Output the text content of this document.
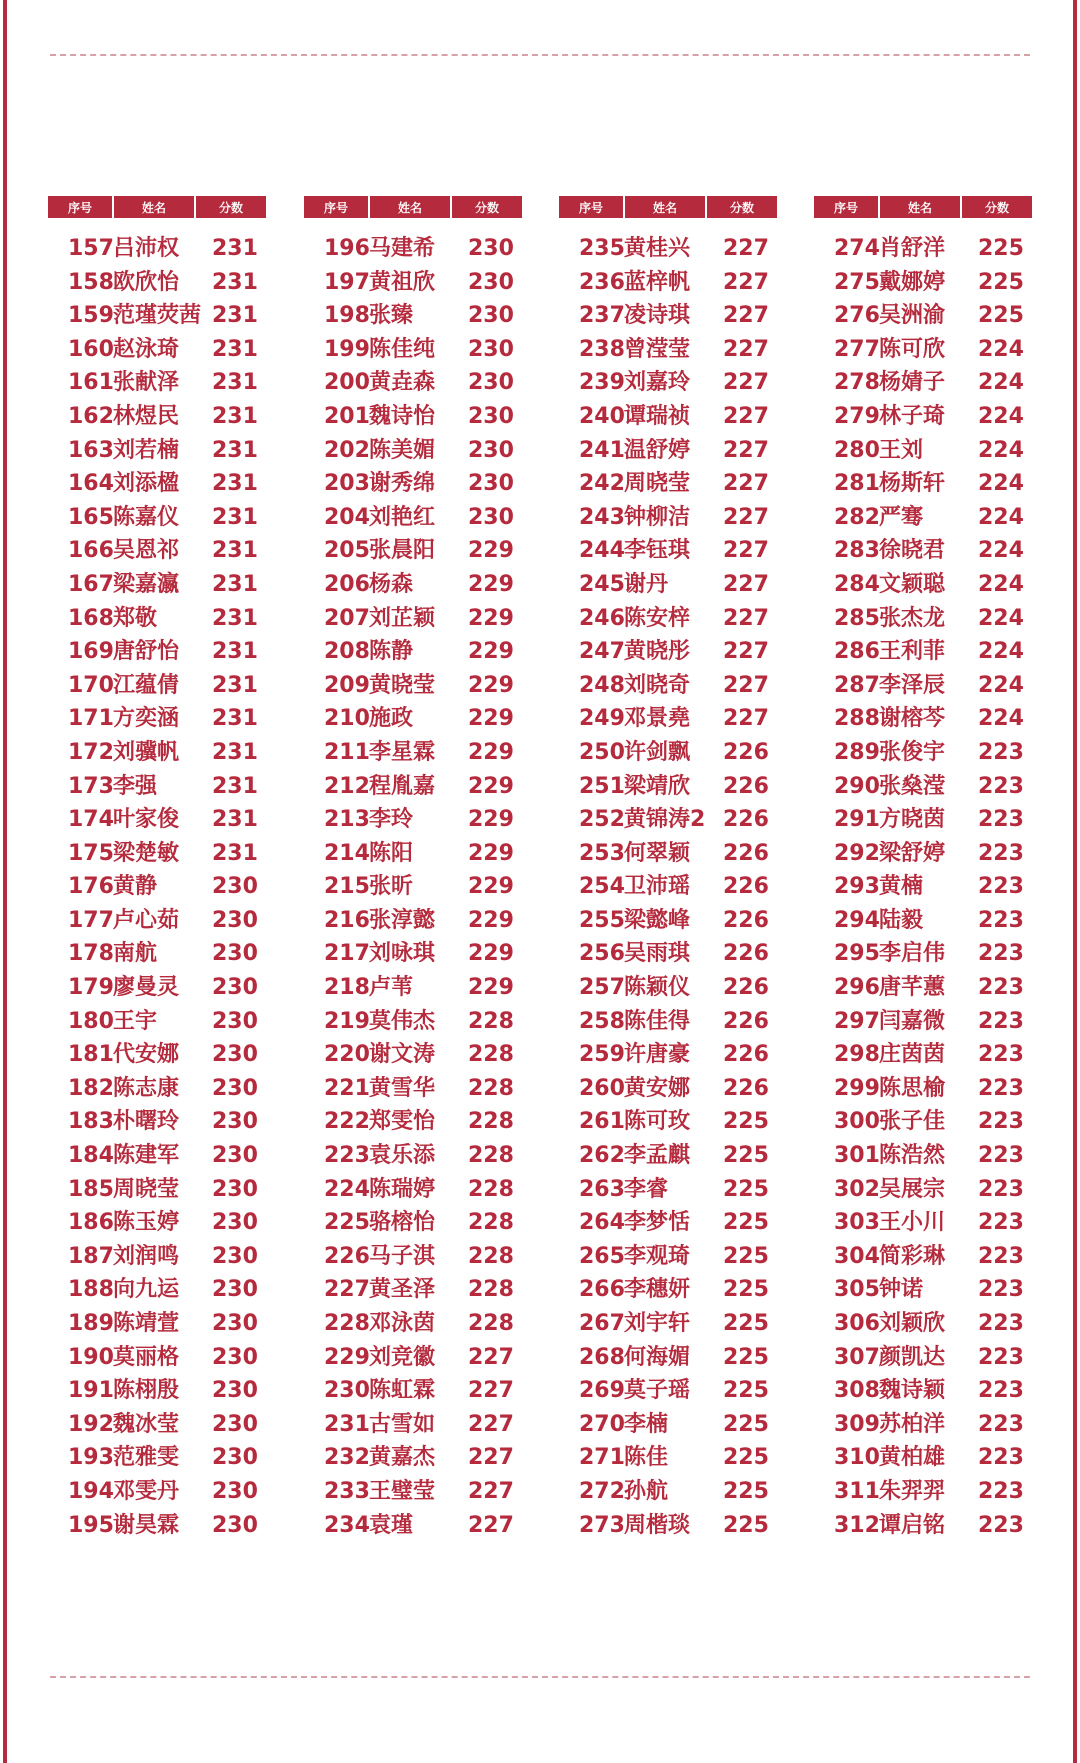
序号	姓名	分数
157 吕沛权	231
158 欧欣怡	231
159 范瑾荧茜 231
160 赵泳琦	231
161 张献泽	231
162 林煜民	231
163 刘若楠	231
164 刘添楹	231
165 陈嘉仪	231
166 吴恩祁	231
167 梁嘉瀛	231
168 郑敬	231
169 唐舒怡	231
170 江蕴倩	231
171 方奕涵	231
172 刘骥帆	231
173 李强	231
174 叶家俊	231
175 梁楚敏	231
176 黄静	230
177 卢心茹	230
178 南航	230
179 廖曼灵	230
180 王宇	230
181 代安娜	230
182 陈志康	230
183 朴曙玲	230
184 陈建军	230
185 周晓莹	230
186 陈玉婷	230
187 刘润鸣	230
188 向九运	230
189 陈靖萱	230
190 莫丽格	230
191 陈栩殷	230
192 魏冰莹	230
193 范雅雯	230
194 邓雯丹	230
195 谢昊霖	230
序号	姓名	分数
196 马建希	230
197 黄祖欣	230
198 张臻	230
199 陈佳纯	230
200 黄垚森	230
201 魏诗怡	230
202 陈美媚	230
203 谢秀绵	230
204 刘艳红	230
205 张晨阳	229
206 杨森	229
207 刘芷颖	229
208 陈静	229
209 黄晓莹	229
210 施政	229
211 李星霖	229
212 程胤嘉	229
213 李玲	229
214 陈阳	229
215 张昕	229
216 张淳懿	229
217 刘咏琪	229
218 卢苇	229
219 莫伟杰	228
220 谢文涛	228
221 黄雪华	228
222 郑雯怡	228
223 袁乐添	228
224 陈瑞婷	228
225 骆榕怡	228
226 马子淇	228
227 黄圣泽	228
228 邓泳茵	228
229 刘竞徽	227
230 陈虹霖	227
231 古雪如	227
232 黄嘉杰	227
233 王璧莹	227
234 袁瑾	227
序号	姓名	分数
235 黄桂兴	227
236 蓝梓帆	227
237 凌诗琪	227
238 曾滢莹	227
239 刘嘉玲	227
240 谭瑞祯	227
241 温舒婷	227
242 周晓莹	227
243 钟柳洁	227
244 李钰琪	227
245 谢丹	227
246 陈安梓	227
247 黄晓彤	227
248 刘晓奇	227
249 邓景堯	227
250 许剑飘	226
251 梁靖欣	226
252 黄锦涛2 226
253 何翠颖	226
254 卫沛瑶	226
255 梁懿峰	226
256 吴雨琪	226
257 陈颖仪	226
258 陈佳得	226
259 许唐豪	226
260 黄安娜	226
261 陈可玫	225
262 李孟麒	225
263 李睿	225
264 李梦恬	225
265 李观琦	225
266 李穗妍	225
267 刘宇轩	225
268 何海媚	225
269 莫子瑶	225
270 李楠	225
271 陈佳	225
272 孙航	225
273 周楷琰	225
序号	姓名	分数
274 肖舒洋	225
275 戴娜婷	225
276 吴洲渝	225
277 陈可欣	224
278 杨婧子	224
279 林子琦	224
280 王刘	224
281 杨斯轩	224
282 严骞	224
283 徐晓君	224
284 文颖聪	224
285 张杰龙	224
286 王利菲	224
287 李泽辰	224
288 谢榕芩	224
289 张俊宇	223
290 张燊滢	223
291 方晓茵	223
292 梁舒婷	223
293 黄楠	223
294 陆毅	223
295 李启伟	223
296 唐芊蕙	223
297 闫嘉微	223
298 庄茵茵	223
299 陈思榆	223
300 张子佳	223
301 陈浩然	223
302 吴展宗	223
303 王小川	223
304 简彩琳	223
305 钟诺	223
306 刘颖欣	223
307 颜凯达	223
308 魏诗颖	223
309 苏柏洋	223
310 黄柏雄	223
311 朱羿羿	223
312 谭启铭	223
